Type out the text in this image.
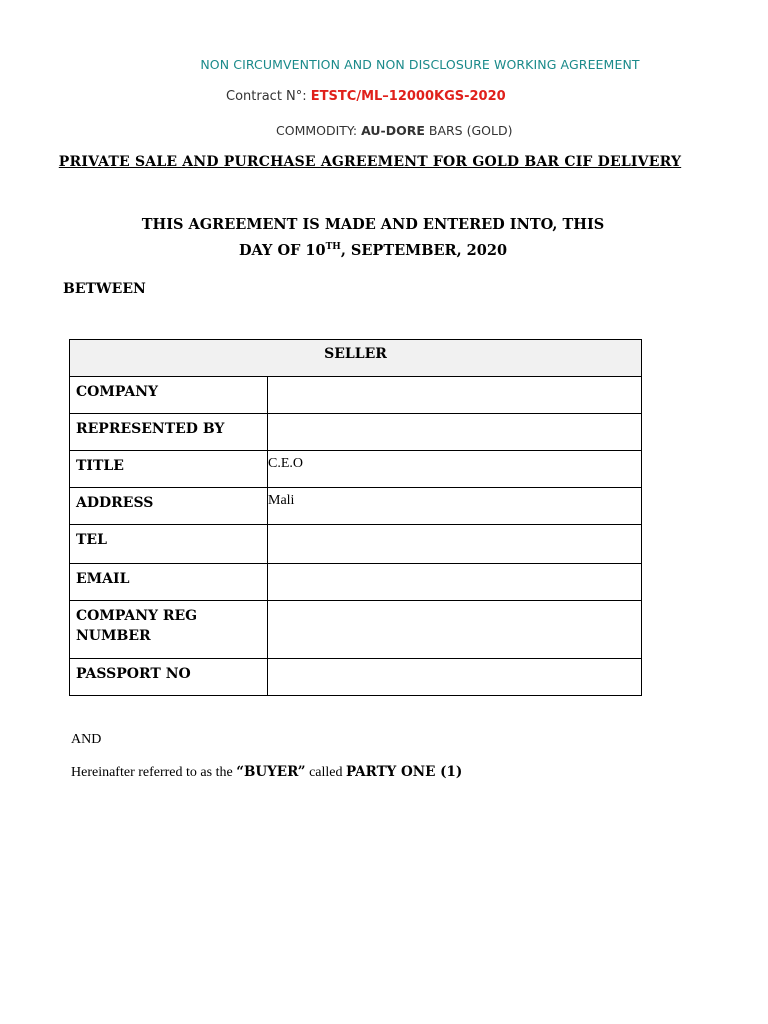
NON CIRCUMVENTION AND NON DISCLOSURE WORKING AGREEMENT
Contract N°: ETSTC/ML–12000KGS-2020
COMMODITY: AU-DORE BARS (GOLD)
PRIVATE SALE AND PURCHASE AGREEMENT FOR GOLD BAR CIF DELIVERY
THIS AGREEMENT IS MADE AND ENTERED INTO, THIS
DAY OF 10TH, SEPTEMBER, 2020
BETWEEN
SELLER	
COMPANY	
REPRESENTED BY	
TITLE	C.E.O
ADDRESS	Mali
TEL	
EMAIL	
COMPANY REG NUMBER	
PASSPORT NO	
AND
Hereinafter referred to as the “BUYER” called PARTY ONE (1)
